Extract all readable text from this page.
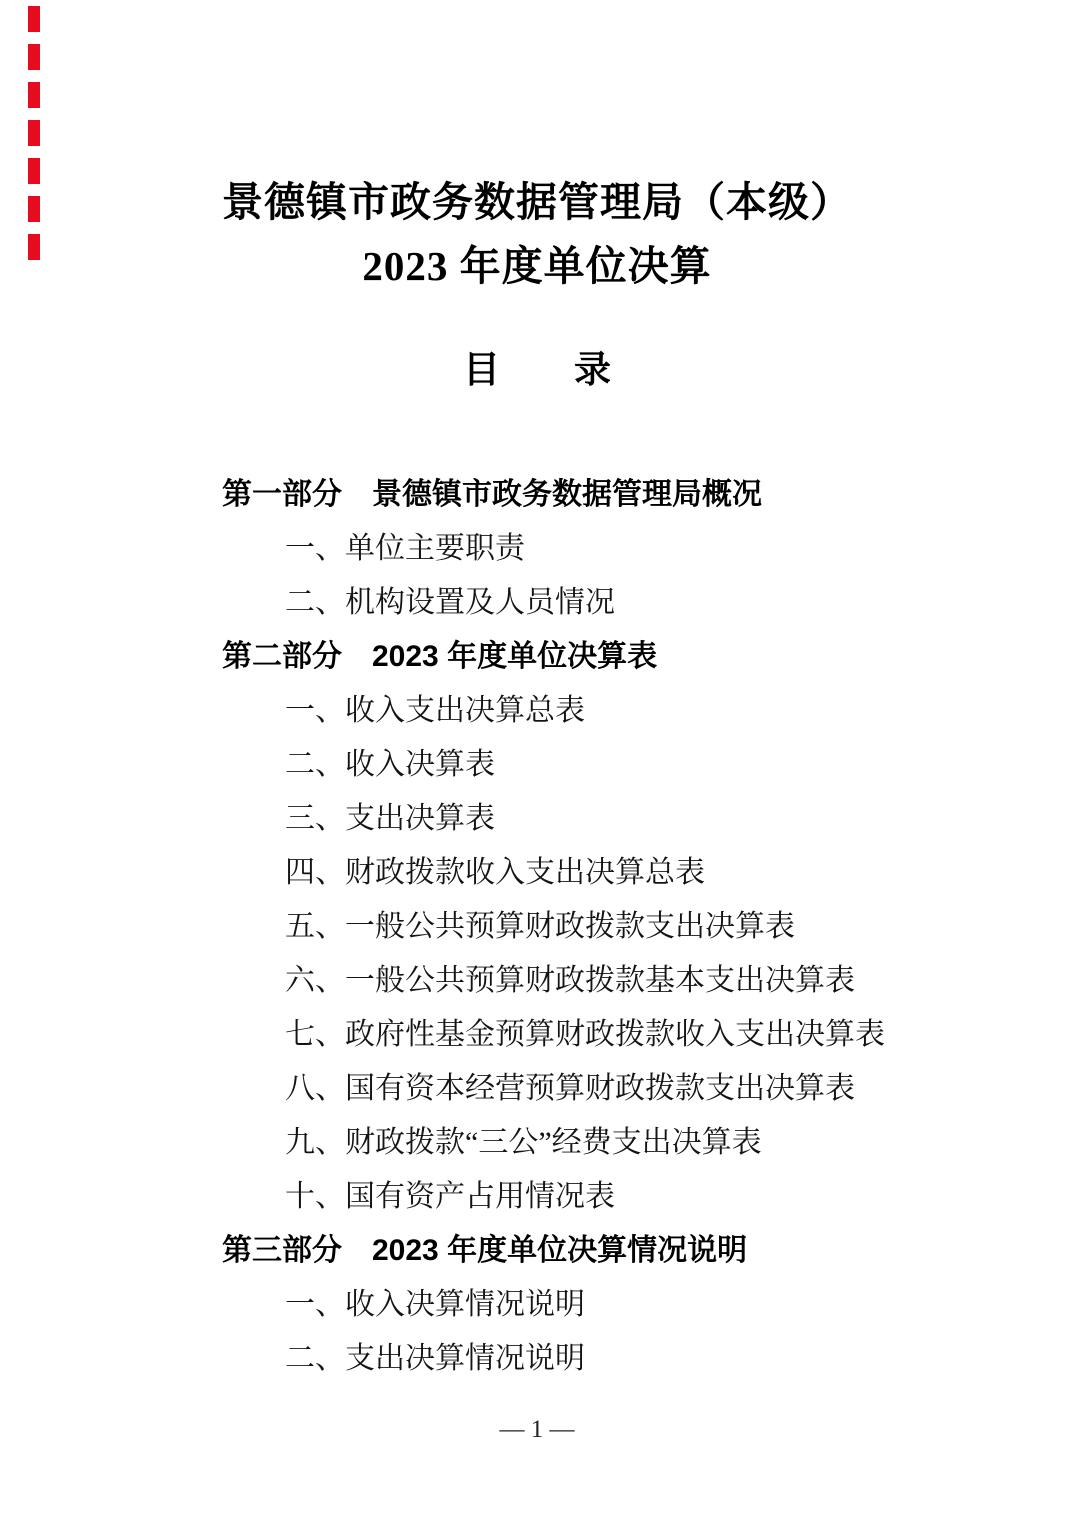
景德镇市政务数据管理局（本级）
2023 年度单位决算
目　　录
第一部分　景德镇市政务数据管理局概况
一、单位主要职责
二、机构设置及人员情况
第二部分　2023 年度单位决算表
一、收入支出决算总表
二、收入决算表
三、支出决算表
四、财政拨款收入支出决算总表
五、一般公共预算财政拨款支出决算表
六、一般公共预算财政拨款基本支出决算表
七、政府性基金预算财政拨款收入支出决算表
八、国有资本经营预算财政拨款支出决算表
九、财政拨款“三公”经费支出决算表
十、国有资产占用情况表
第三部分　2023 年度单位决算情况说明
一、收入决算情况说明
二、支出决算情况说明
— 1 —
